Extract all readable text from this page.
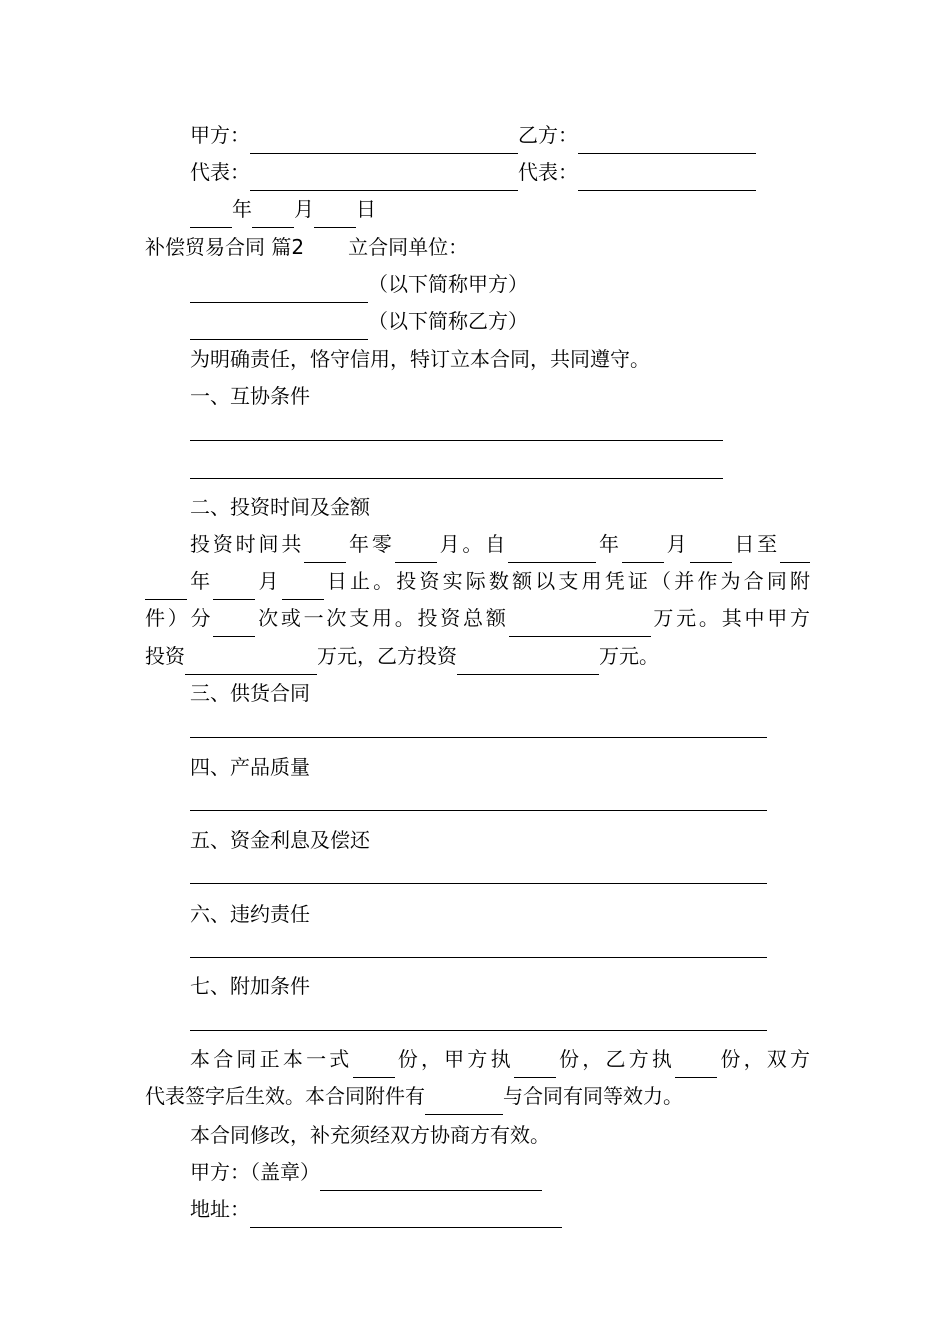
甲方：	乙方：
代表：	代表：
年 月 日
补偿贸易合同 篇2 立合同单位：
（以下简称甲方）
（以下简称乙方）
为明确责任，恪守信用，特订立本合同，共同遵守。
一、互协条件
二、投资时间及金额
投资时间共 年零 月。自	年 月 日至
年 月 日止。投资实际数额以支用凭证（并作为合同附
件）分 次或一次支用。投资总额	万元。其中甲方
投资	万元，乙方投资	万元。
三、供货合同
四、产品质量
五、资金利息及偿还
六、违约责任
七、附加条件
本合同正本一式 份，甲方执 份，乙方执 份，双方
代表签字后生效。本合同附件有	与合同有同等效力。
本合同修改，补充须经双方协商方有效。
甲方：（盖章）
地址：
